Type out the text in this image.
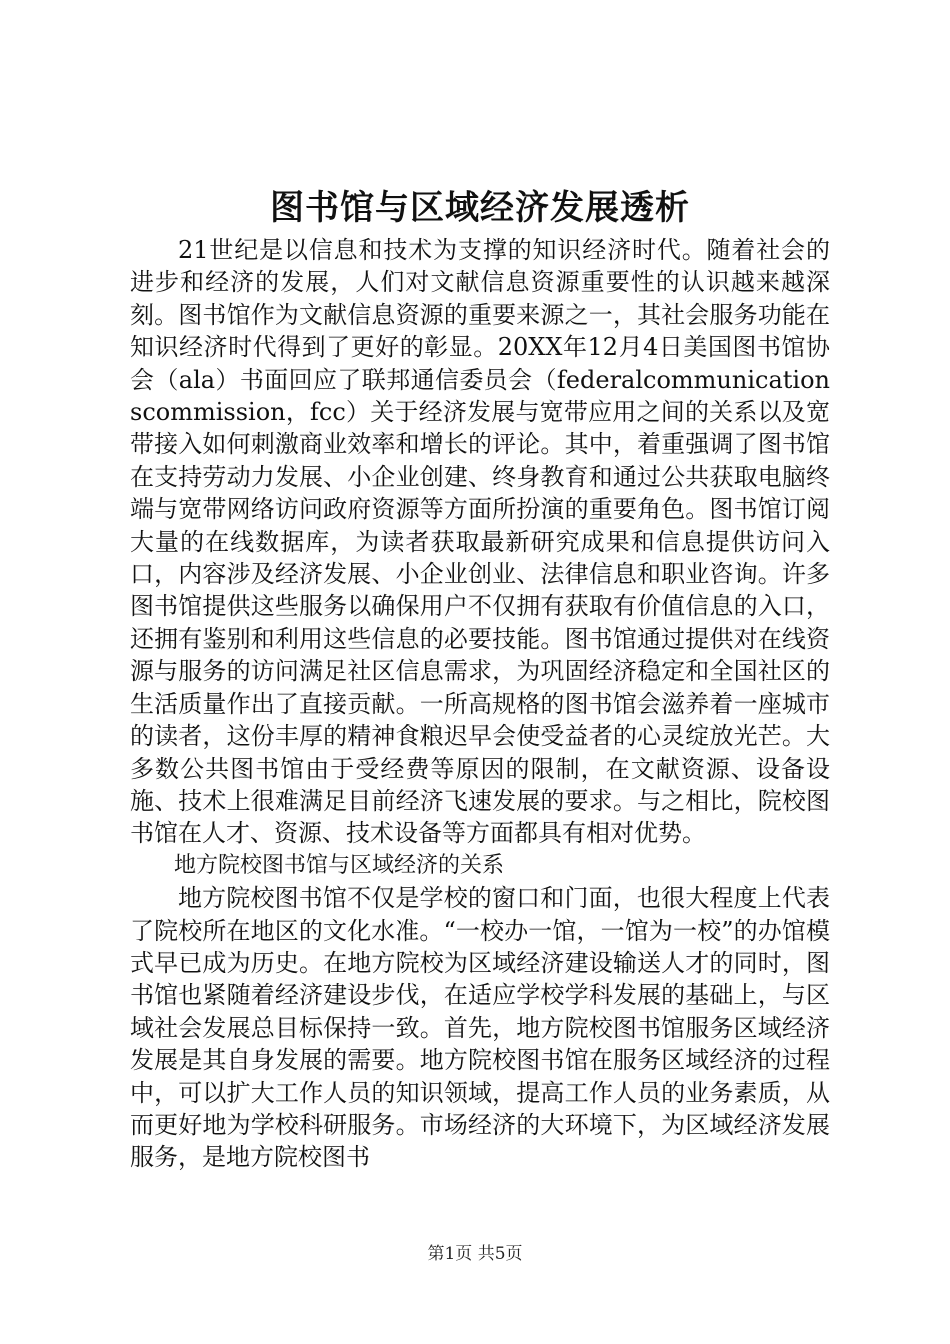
图书馆与区域经济发展透析

21世纪是以信息和技术为支撑的知识经济时代。随着社会的进步和经济的发展，人们对文献信息资源重要性的认识越来越深刻。图书馆作为文献信息资源的重要来源之一，其社会服务功能在知识经济时代得到了更好的彰显。20XX年12月4日美国图书馆协会（ala）书面回应了联邦通信委员会（federalcommunicationscommission，fcc）关于经济发展与宽带应用之间的关系以及宽带接入如何刺激商业效率和增长的评论。其中，着重强调了图书馆在支持劳动力发展、小企业创建、终身教育和通过公共获取电脑终端与宽带网络访问政府资源等方面所扮演的重要角色。图书馆订阅大量的在线数据库，为读者获取最新研究成果和信息提供访问入口，内容涉及经济发展、小企业创业、法律信息和职业咨询。许多图书馆提供这些服务以确保用户不仅拥有获取有价值信息的入口，还拥有鉴别和利用这些信息的必要技能。图书馆通过提供对在线资源与服务的访问满足社区信息需求，为巩固经济稳定和全国社区的生活质量作出了直接贡献。一所高规格的图书馆会滋养着一座城市的读者，这份丰厚的精神食粮迟早会使受益者的心灵绽放光芒。大多数公共图书馆由于受经费等原因的限制，在文献资源、设备设施、技术上很难满足目前经济飞速发展的要求。与之相比，院校图书馆在人才、资源、技术设备等方面都具有相对优势。

地方院校图书馆与区域经济的关系

地方院校图书馆不仅是学校的窗口和门面，也很大程度上代表了院校所在地区的文化水准。“一校办一馆，一馆为一校”的办馆模式早已成为历史。在地方院校为区域经济建设输送人才的同时，图书馆也紧随着经济建设步伐，在适应学校学科发展的基础上，与区域社会发展总目标保持一致。首先，地方院校图书馆服务区域经济发展是其自身发展的需要。地方院校图书馆在服务区域经济的过程中，可以扩大工作人员的知识领域，提高工作人员的业务素质，从而更好地为学校科研服务。市场经济的大环境下，为区域经济发展服务，是地方院校图书

第1页 共5页
